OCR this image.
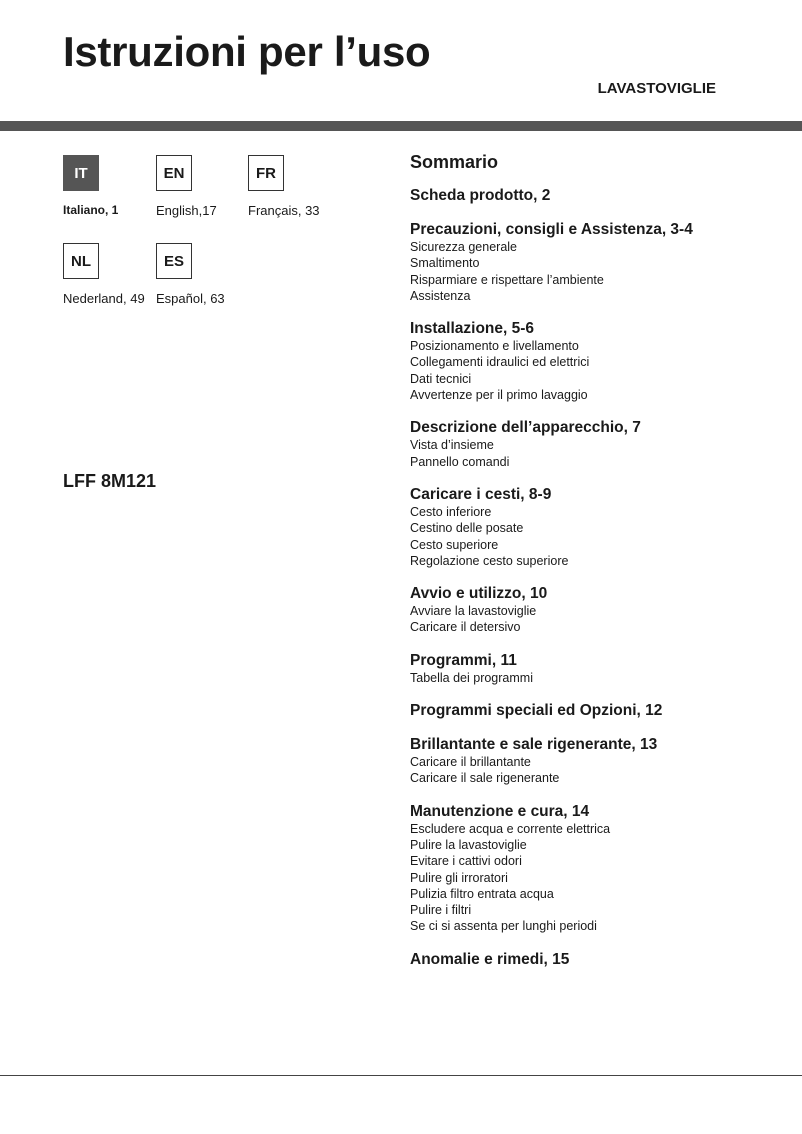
Istruzioni per l’uso
LAVASTOVIGLIE
IT
Italiano, 1
EN
English,17
FR
Français, 33
NL
Nederland, 49
ES
Español, 63
LFF 8M121
Sommario
Scheda prodotto, 2
Precauzioni, consigli e Assistenza, 3-4
Sicurezza generale
Smaltimento
Risparmiare e rispettare l’ambiente
Assistenza
Installazione, 5-6
Posizionamento e livellamento
Collegamenti idraulici ed elettrici
Dati tecnici
Avvertenze per il primo lavaggio
Descrizione dell’apparecchio, 7
Vista d’insieme
Pannello comandi
Caricare i cesti, 8-9
Cesto inferiore
Cestino delle posate
Cesto superiore
Regolazione cesto superiore
Avvio e utilizzo, 10
Avviare la lavastoviglie
Caricare il detersivo
Programmi, 11
Tabella dei programmi
Programmi speciali ed Opzioni, 12
Brillantante e sale rigenerante, 13
Caricare il brillantante
Caricare il sale rigenerante
Manutenzione e cura, 14
Escludere acqua e corrente elettrica
Pulire la lavastoviglie
Evitare i cattivi odori
Pulire gli irroratori
Pulizia filtro entrata acqua
Pulire i filtri
Se ci si assenta per lunghi periodi
Anomalie e rimedi, 15
